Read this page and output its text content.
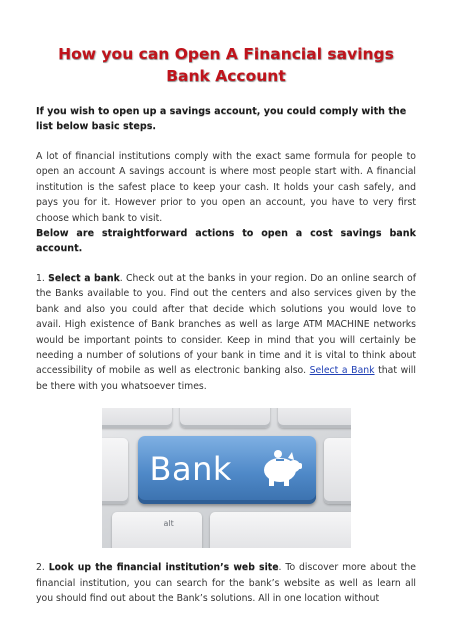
How you can Open A Financial savings
Bank Account

If you wish to open up a savings account, you could comply with the list below basic steps.

A lot of financial institutions comply with the exact same formula for people to open an account A savings account is where most people start with. A financial institution is the safest place to keep your cash. It holds your cash safely, and pays you for it. However prior to you open an account, you have to very first choose which bank to visit.

Below are straightforward actions to open a cost savings bank account.

1. Select a bank. Check out at the banks in your region. Do an online search of the Banks available to you. Find out the centers and also services given by the bank and also you could after that decide which solutions you would love to avail. High existence of Bank branches as well as large ATM MACHINE networks would be important points to consider. Keep in mind that you will certainly be needing a number of solutions of your bank in time and it is vital to think about accessibility of mobile as well as electronic banking also. Select a Bank that will be there with you whatsoever times.

Bank
alt

2. Look up the financial institution’s web site. To discover more about the financial institution, you can search for the bank’s website as well as learn all you should find out about the Bank’s solutions. All in one location without
